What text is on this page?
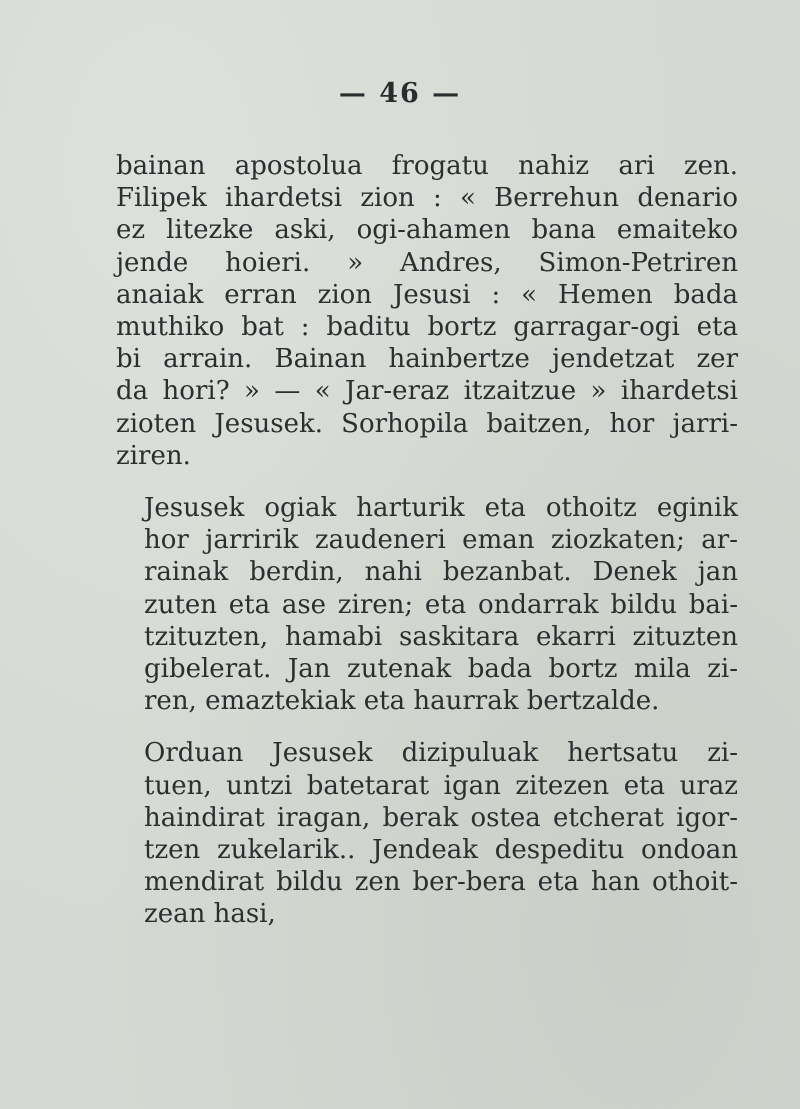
— 46 —
bainan apostolua frogatu nahiz ari zen.
Filipek ihardetsi zion : « Berrehun denario
ez litezke aski, ogi-ahamen bana emaiteko
jende hoieri. » Andres, Simon-Petriren
anaiak erran zion Jesusi : « Hemen bada
muthiko bat : baditu bortz garragar-ogi eta
bi arrain. Bainan hainbertze jendetzat zer
da hori? » — « Jar-eraz itzaitzue » ihardetsi
zioten Jesusek. Sorhopila baitzen, hor jarri-
ziren.
Jesusek ogiak harturik eta othoitz eginik
hor jarririk zaudeneri eman ziozkaten; ar-
rainak berdin, nahi bezanbat. Denek jan
zuten eta ase ziren; eta ondarrak bildu bai-
tzituzten, hamabi saskitara ekarri zituzten
gibelerat. Jan zutenak bada bortz mila zi-
ren, emaztekiak eta haurrak bertzalde.
Orduan Jesusek dizipuluak hertsatu zi-
tuen, untzi batetarat igan zitezen eta uraz
haindirat iragan, berak ostea etcherat igor-
tzen zukelarik.. Jendeak despeditu ondoan
mendirat bildu zen ber-bera eta han othoit-
zean hasi,
